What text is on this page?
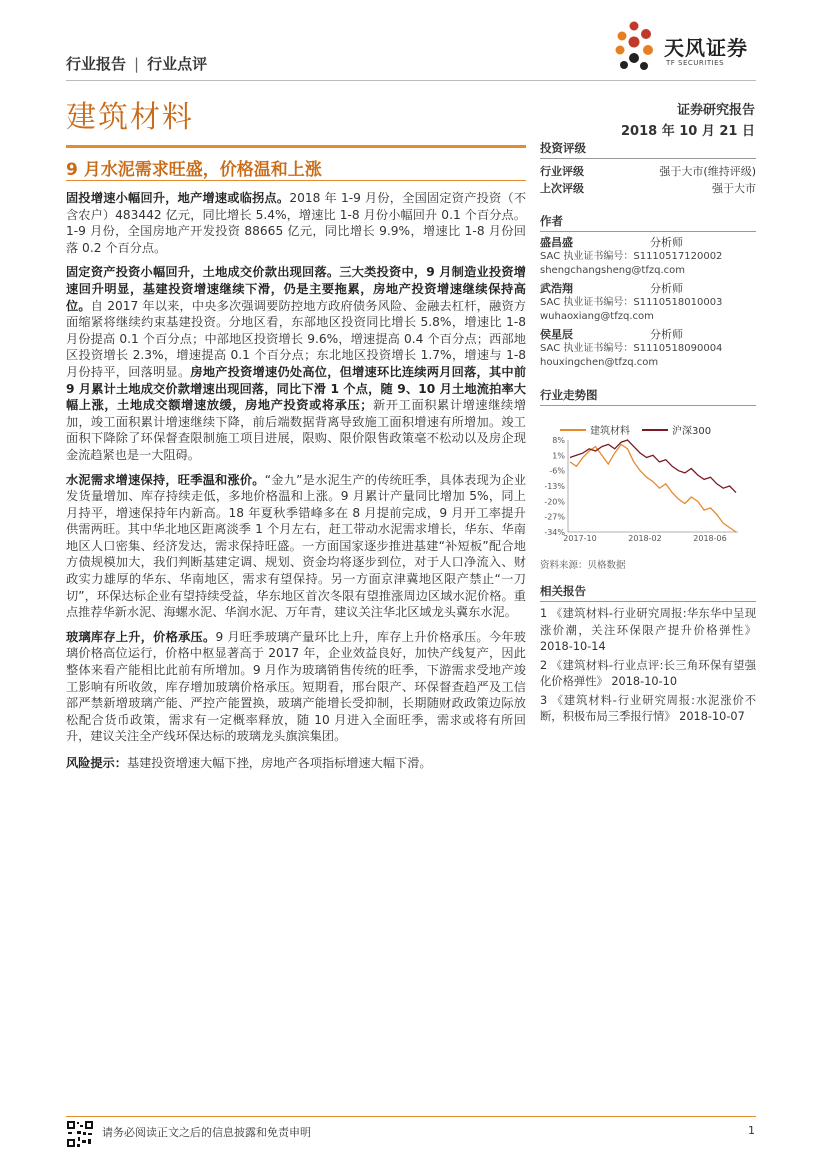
行业报告 | 行业点评
天风证券
TF SECURITIES
建筑材料	证券研究报告
2018 年 10 月 21 日
9 月水泥需求旺盛，价格温和上涨

固投增速小幅回升，地产增速或临拐点。2018 年 1-9 月份，全国固定资产投资（不含农户）483442 亿元，同比增长 5.4%，增速比 1-8 月份小幅回升 0.1 个百分点。1-9 月份，全国房地产开发投资 88665 亿元，同比增长 9.9%，增速比 1-8 月份回落 0.2 个百分点。

固定资产投资小幅回升，土地成交价款出现回落。三大类投资中，9 月制造业投资增速回升明显，基建投资增速继续下滑，仍是主要拖累，房地产投资增速继续保持高位。自 2017 年以来，中央多次强调要防控地方政府债务风险、金融去杠杆，融资方面缩紧将继续约束基建投资。分地区看，东部地区投资同比增长 5.8%，增速比 1-8 月份提高 0.1 个百分点；中部地区投资增长 9.6%，增速提高 0.4 个百分点；西部地区投资增长 2.3%，增速提高 0.1 个百分点；东北地区投资增长 1.7%，增速与 1-8 月份持平，回落明显。房地产投资增速仍处高位，但增速环比连续两月回落，其中前 9 月累计土地成交价款增速出现回落，同比下滑 1 个点，随 9、10 月土地流拍率大幅上涨，土地成交额增速放缓，房地产投资或将承压；新开工面积累计增速继续增加，竣工面积累计增速继续下降，前后端数据背离导致施工面积增速有所增加。竣工面积下降除了环保督查限制施工项目进展，限购、限价限售政策毫不松动以及房企现金流趋紧也是一大阻碍。

水泥需求增速保持，旺季温和涨价。“金九”是水泥生产的传统旺季，具体表现为企业发货量增加、库存持续走低，多地价格温和上涨。9 月累计产量同比增加 5%，同上月持平，增速保持年内新高。18 年夏秋季错峰多在 8 月提前完成，9 月开工率提升供需两旺。其中华北地区距离淡季 1 个月左右，赶工带动水泥需求增长，华东、华南地区人口密集、经济发达，需求保持旺盛。一方面国家逐步推进基建“补短板”配合地方债规模加大，我们判断基建定调、规划、资金均将逐步到位，对于人口净流入、财政实力雄厚的华东、华南地区，需求有望保持。另一方面京津冀地区限产禁止“一刀切”，环保达标企业有望持续受益，华东地区首次冬限有望推涨周边区域水泥价格。重点推荐华新水泥、海螺水泥、华润水泥、万年青，建议关注华北区域龙头冀东水泥。

玻璃库存上升，价格承压。9 月旺季玻璃产量环比上升，库存上升价格承压。今年玻璃价格高位运行，价格中枢显著高于 2017 年，企业效益良好，加快产线复产，因此整体来看产能相比此前有所增加。9 月作为玻璃销售传统的旺季，下游需求受地产竣工影响有所收敛，库存增加玻璃价格承压。短期看，邢台限产、环保督查趋严及工信部严禁新增玻璃产能、严控产能置换，玻璃产能增长受抑制，长期随财政政策边际放松配合货币政策，需求有一定概率释放，随 10 月进入全面旺季，需求或将有所回升，建议关注全产线环保达标的玻璃龙头旗滨集团。

风险提示：基建投资增速大幅下挫，房地产各项指标增速大幅下滑。

投资评级
行业评级	强于大市(维持评级)
上次评级	强于大市
作者
盛昌盛	分析师
SAC 执业证书编号：S1110517120002
shengchangsheng@tfzq.com
武浩翔	分析师
SAC 执业证书编号：S1110518010003
wuhaoxiang@tfzq.com
侯星辰	分析师
SAC 执业证书编号：S1110518090004
houxingchen@tfzq.com
行业走势图
建筑材料	沪深300
8%
1%
-6%
-13%
-20%
-27%
-34%
2017-10	2018-02	2018-06
资料来源：贝格数据
相关报告
1 《建筑材料-行业研究周报:华东华中呈现涨价潮，关注环保限产提升价格弹性》 2018-10-14
2 《建筑材料-行业点评:长三角环保有望强化价格弹性》 2018-10-10
3 《建筑材料-行业研究周报:水泥涨价不断，积极布局三季报行情》 2018-10-07
请务必阅读正文之后的信息披露和免责申明	1
